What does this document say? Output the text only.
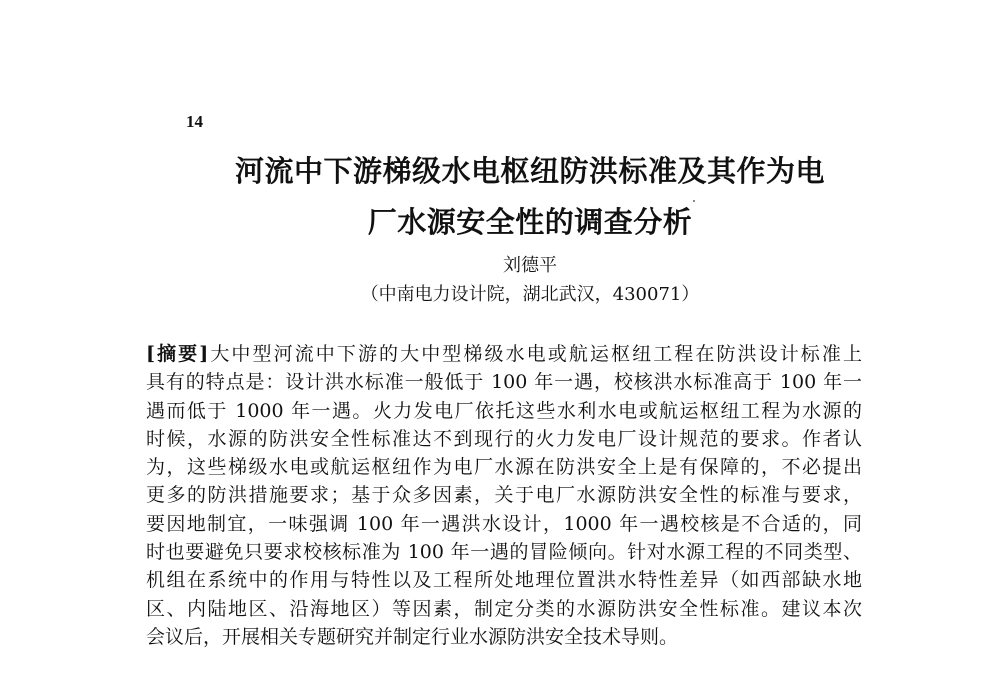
14
河流中下游梯级水电枢纽防洪标准及其作为电
厂水源安全性的调查分析
刘德平
（中南电力设计院，湖北武汉，430071）
[摘要]大中型河流中下游的大中型梯级水电或航运枢纽工程在防洪设计标准上
具有的特点是：设计洪水标准一般低于 100 年一遇，校核洪水标准高于 100 年一
遇而低于 1000 年一遇。火力发电厂依托这些水利水电或航运枢纽工程为水源的
时候，水源的防洪安全性标准达不到现行的火力发电厂设计规范的要求。作者认
为，这些梯级水电或航运枢纽作为电厂水源在防洪安全上是有保障的，不必提出
更多的防洪措施要求；基于众多因素，关于电厂水源防洪安全性的标准与要求，
要因地制宜，一味强调 100 年一遇洪水设计，1000 年一遇校核是不合适的，同
时也要避免只要求校核标准为 100 年一遇的冒险倾向。针对水源工程的不同类型、
机组在系统中的作用与特性以及工程所处地理位置洪水特性差异（如西部缺水地
区、内陆地区、沿海地区）等因素，制定分类的水源防洪安全性标准。建议本次
会议后，开展相关专题研究并制定行业水源防洪安全技术导则。
